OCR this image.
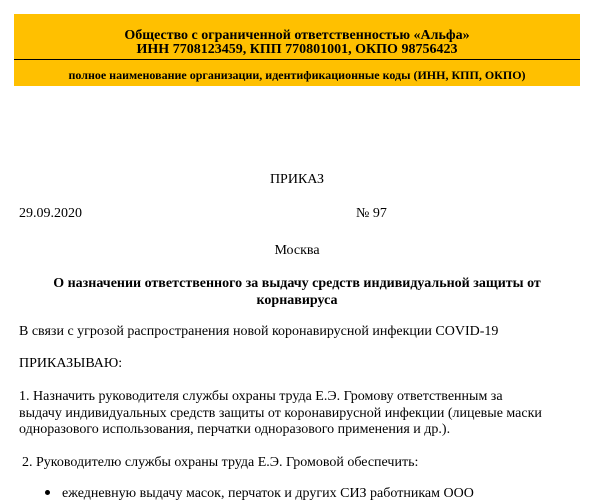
Общество с ограниченной ответственностью «Альфа»
ИНН 7708123459, КПП 770801001, ОКПО 98756423
полное наименование организации, идентификационные коды (ИНН, КПП, ОКПО)
ПРИКАЗ
29.09.2020	№ 97
Москва
О назначении ответственного за выдачу средств индивидуальной защиты от
корнавируса
В связи с угрозой распространения новой коронавирусной инфекции COVID-19
ПРИКАЗЫВАЮ:
1. Назначить руководителя службы охраны труда Е.Э. Громову ответственным за
выдачу индивидуальных средств защиты от коронавирусной инфекции (лицевые маски
одноразового использования, перчатки одноразового применения и др.).
2. Руководителю службы охраны труда Е.Э. Громовой обеспечить:
ежедневную выдачу масок, перчаток и других СИЗ работникам ООО
